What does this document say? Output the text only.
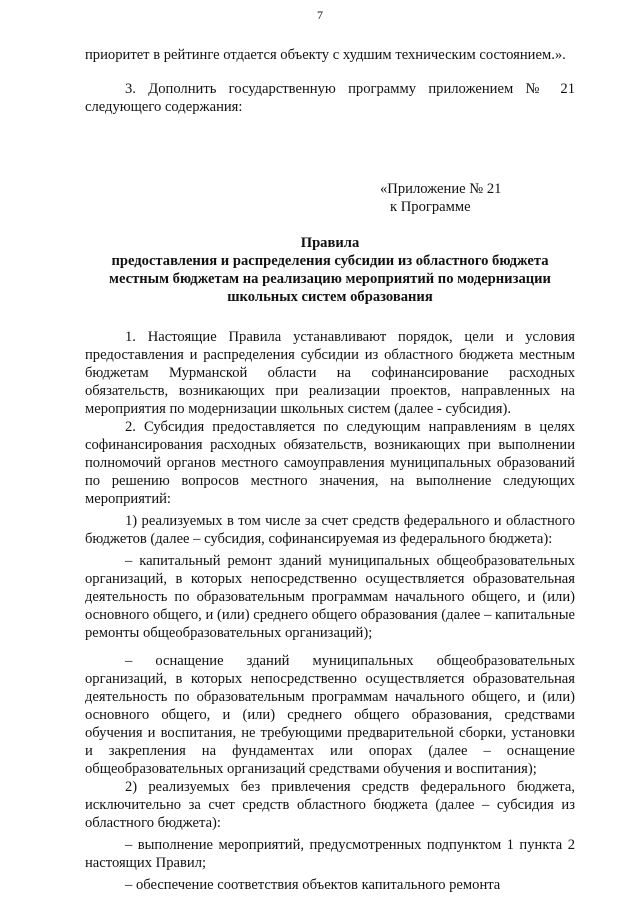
7

приоритет в рейтинге отдается объекту с худшим техническим состоянием.».

3. Дополнить государственную программу приложением № 21 следующего содержания:

«Приложение № 21
к Программе
Правила
предоставления и распределения субсидии из областного бюджета местным бюджетам на реализацию мероприятий по модернизации школьных систем образования

1. Настоящие Правила устанавливают порядок, цели и условия предоставления и распределения субсидии из областного бюджета местным бюджетам Мурманской области на софинансирование расходных обязательств, возникающих при реализации проектов, направленных на мероприятия по модернизации школьных систем (далее - субсидия).

2. Субсидия предоставляется по следующим направлениям в целях софинансирования расходных обязательств, возникающих при выполнении полномочий органов местного самоуправления муниципальных образований по решению вопросов местного значения, на выполнение следующих мероприятий:

1) реализуемых в том числе за счет средств федерального и областного бюджетов (далее – субсидия, софинансируемая из федерального бюджета):

– капитальный ремонт зданий муниципальных общеобразовательных организаций, в которых непосредственно осуществляется образовательная деятельность по образовательным программам начального общего, и (или) основного общего, и (или) среднего общего образования (далее – капитальные ремонты общеобразовательных организаций);

– оснащение зданий муниципальных общеобразовательных организаций, в которых непосредственно осуществляется образовательная деятельность по образовательным программам начального общего, и (или) основного общего, и (или) среднего общего образования, средствами обучения и воспитания, не требующими предварительной сборки, установки и закрепления на фундаментах или опорах (далее – оснащение общеобразовательных организаций средствами обучения и воспитания);

2) реализуемых без привлечения средств федерального бюджета, исключительно за счет средств областного бюджета (далее – субсидия из областного бюджета):

– выполнение мероприятий, предусмотренных подпунктом 1 пункта 2 настоящих Правил;

– обеспечение соответствия объектов капитального ремонта
